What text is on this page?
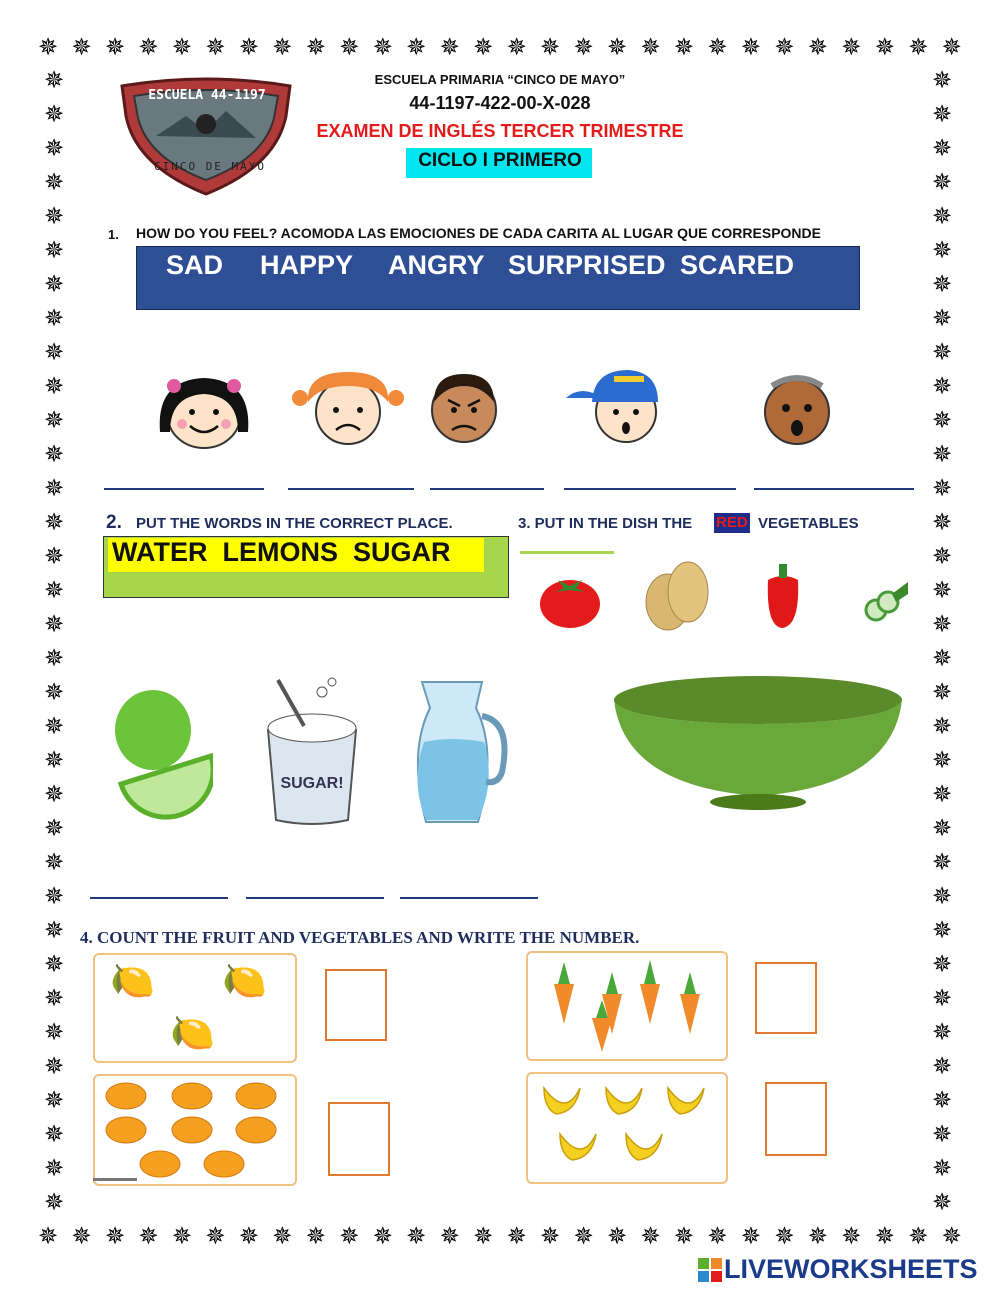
✵ ✵ ✵ ✵ ✵ ✵ ✵ ✵ ✵ ✵ ✵ ✵ ✵ ✵ ✵ ✵ ✵ ✵ ✵ ✵ ✵ ✵ ✵ ✵ ✵ ✵ ✵ ✵
✵ ✵ ✵ ✵ ✵ ✵ ✵ ✵ ✵ ✵ ✵ ✵ ✵ ✵ ✵ ✵ ✵ ✵ ✵ ✵ ✵ ✵ ✵ ✵ ✵ ✵ ✵ ✵
✵
✵
✵
✵
✵
✵
✵
✵
✵
✵
✵
✵
✵
✵
✵
✵
✵
✵
✵
✵
✵
✵
✵
✵
✵
✵
✵
✵
✵
✵
✵
✵
✵
✵
✵
✵
✵
✵
✵
✵
✵
✵
✵
✵
✵
✵
✵
✵
✵
✵
✵
✵
✵
✵
✵
✵
✵
✵
✵
✵
✵
✵
✵
✵
✵
✵
✵
✵
ESCUELA 44-1197
CINCO DE MAYO
ESCUELA PRIMARIA “CINCO DE MAYO”
44-1197-422-00-X-028
EXAMEN DE INGLÉS TERCER TRIMESTRE
CICLO I PRIMERO
1. HOW DO YOU FEEL? ACOMODA LAS EMOCIONES DE CADA CARITA AL LUGAR QUE CORRESPONDE
SAD HAPPY ANGRY SURPRISED SCARED
2. PUT THE WORDS IN THE CORRECT PLACE.
WATER  LEMONS  SUGAR
3. PUT IN THE DISH THE RED VEGETABLES
SUGAR!
4. COUNT THE FRUIT AND VEGETABLES AND WRITE THE NUMBER.
🍋 🍋
🍋
LIVEWORKSHEETS
